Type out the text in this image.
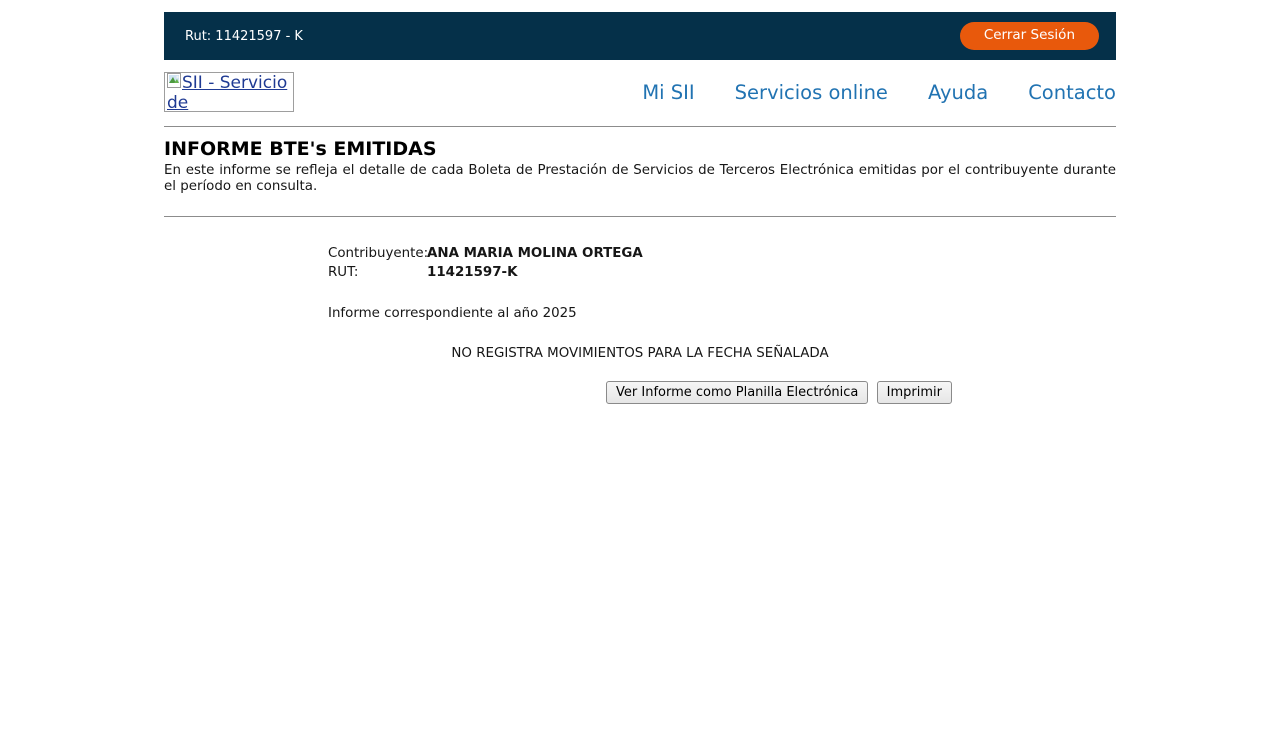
Rut: 11421597 - K	Cerrar Sesión
SII - Servicio de	Mi SII Servicios online Ayuda Contacto
INFORME BTE's EMITIDAS

En este informe se refleja el detalle de cada Boleta de Prestación de Servicios de Terceros Electrónica emitidas por el contribuyente durante el período en consulta.

Contribuyente:
ANA MARIA MOLINA ORTEGA
RUT:	11421597-K

Informe correspondiente al año 2025

NO REGISTRA MOVIMIENTOS PARA LA FECHA SEÑALADA

Ver Informe como Planilla Electrónica Imprimir
